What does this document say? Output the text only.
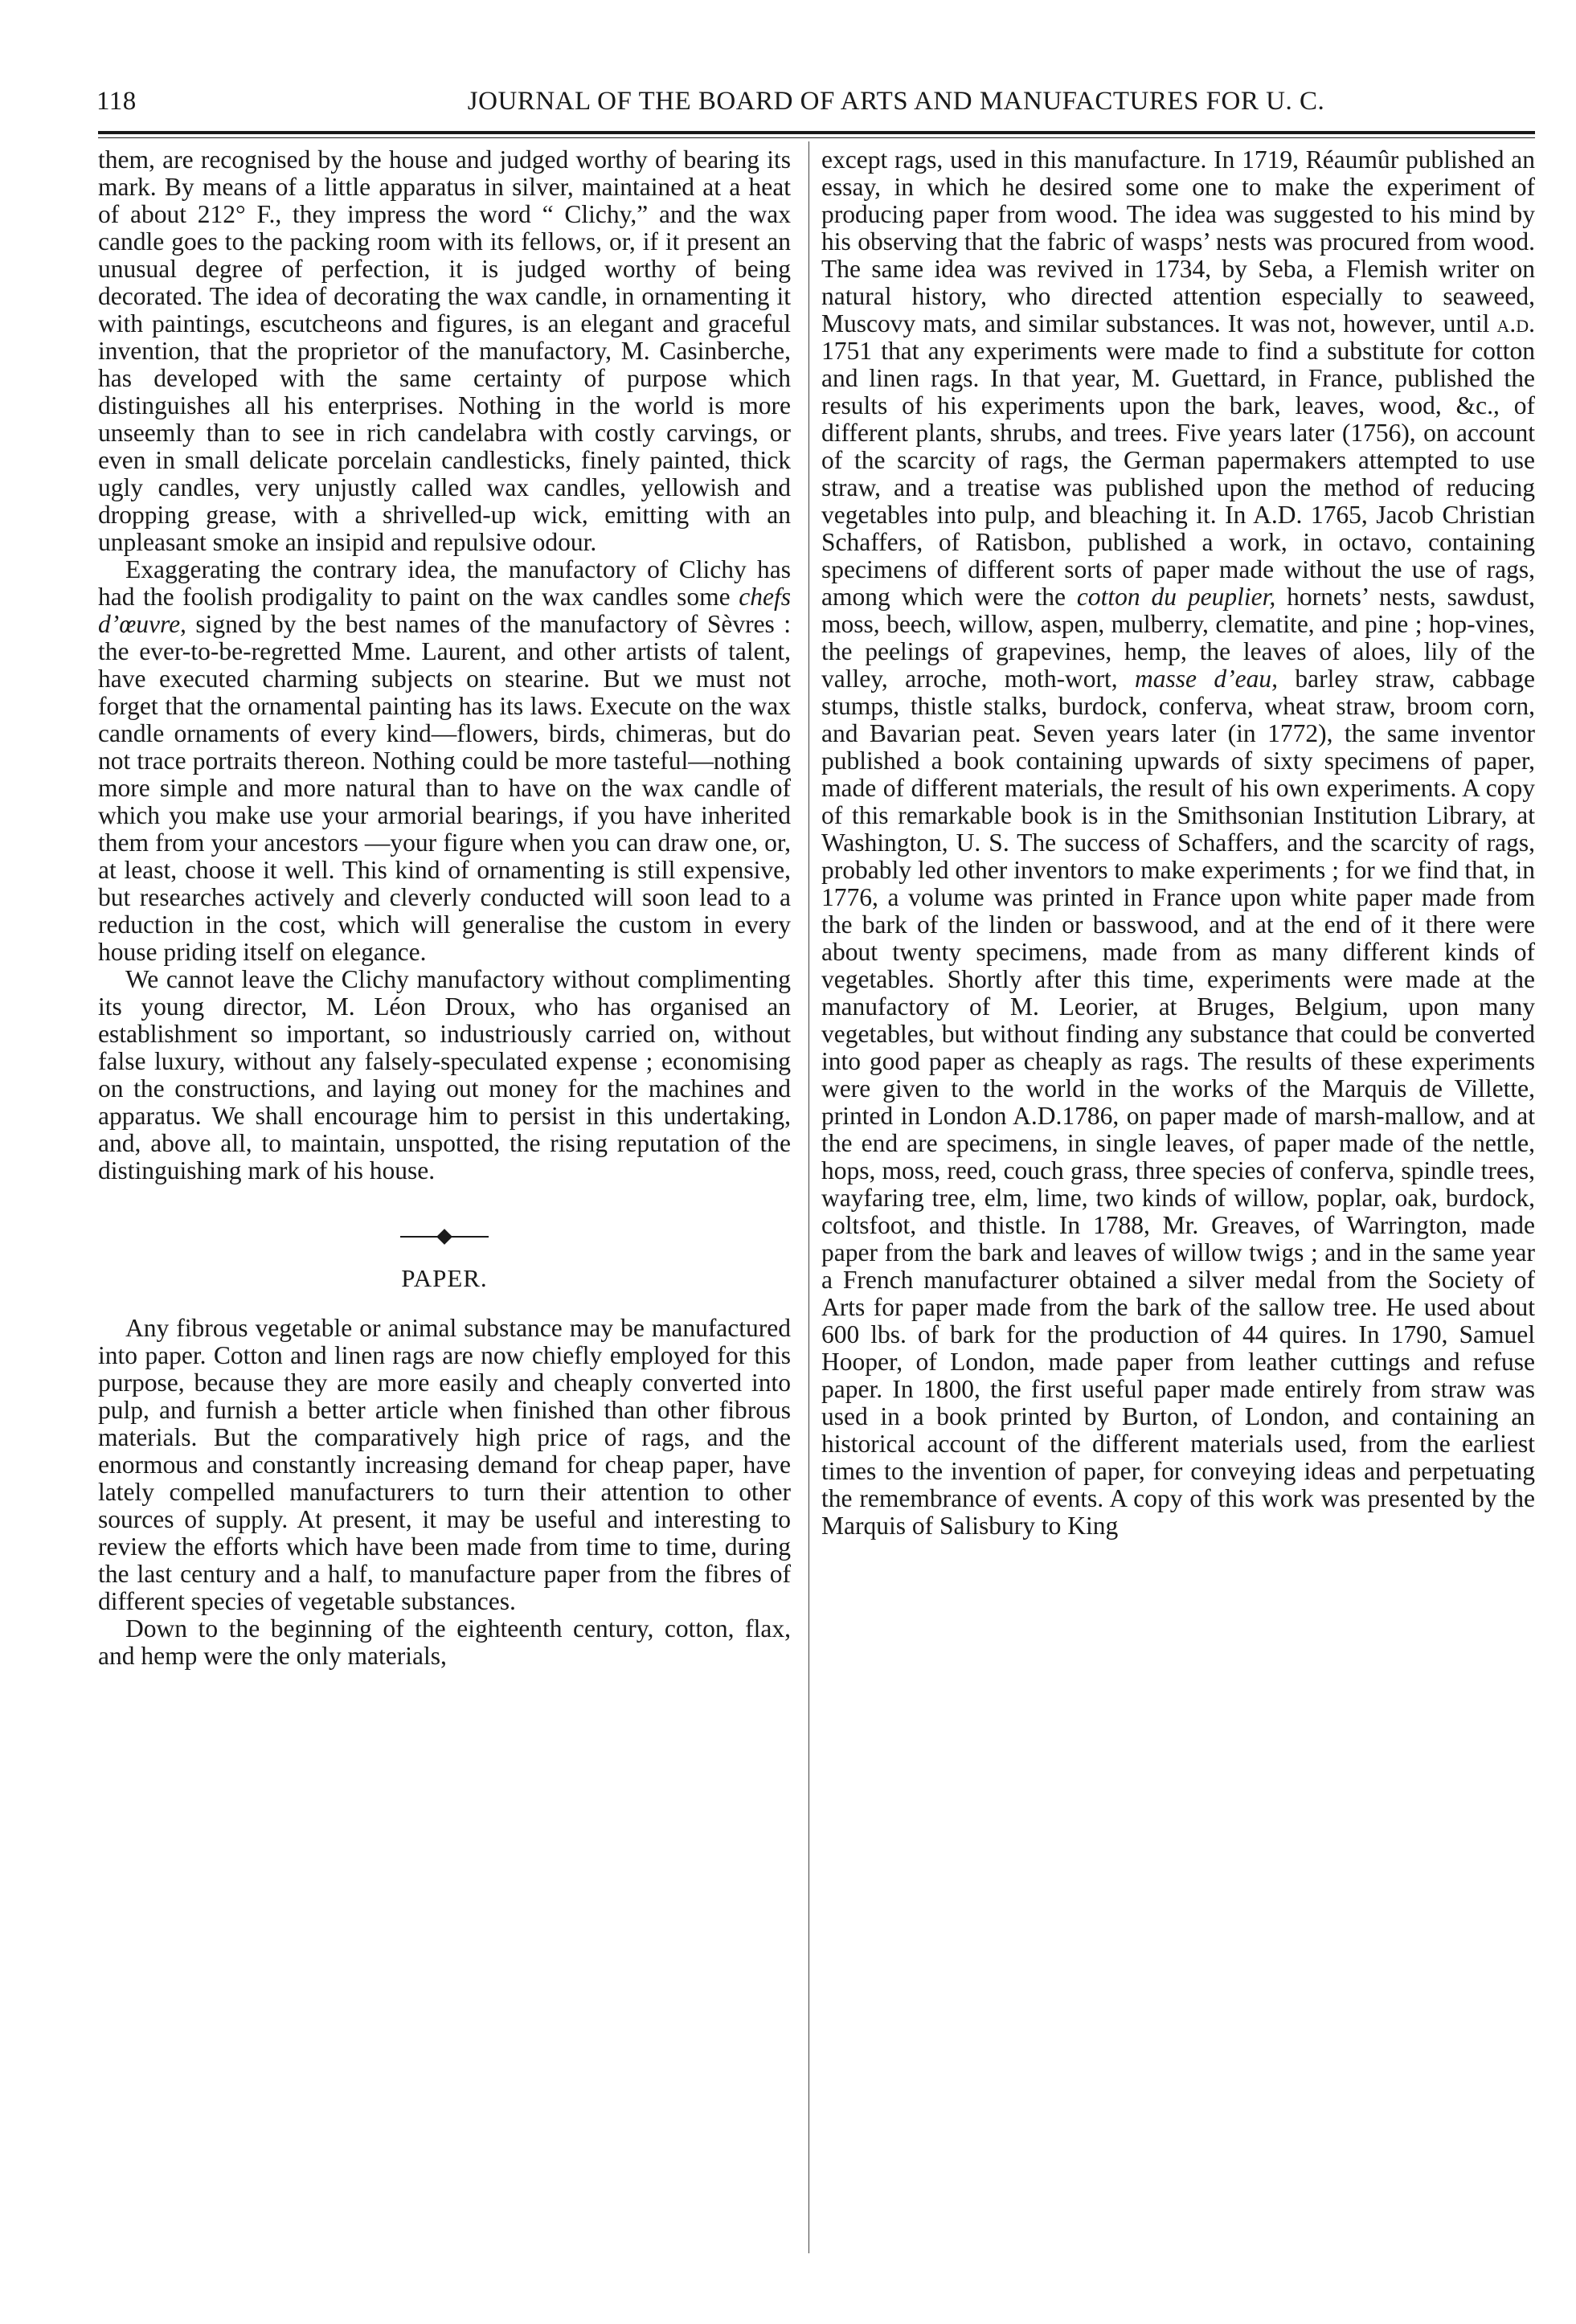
118	JOURNAL OF THE BOARD OF ARTS AND MANUFACTURES FOR U. C.

them, are recognised by the house and judged worthy of bearing its mark. By means of a little apparatus in silver, maintained at a heat of about 212° F., they impress the word “ Clichy,” and the wax candle goes to the packing room with its fellows, or, if it present an unusual degree of perfection, it is judged worthy of being decorated. The idea of decorating the wax candle, in ornamenting it with paintings, escutcheons and figures, is an elegant and graceful invention, that the proprietor of the manufactory, M. Casinberche, has developed with the same certainty of purpose which distinguishes all his enterprises. Nothing in the world is more unseemly than to see in rich candelabra with costly carvings, or even in small delicate porcelain candlesticks, finely painted, thick ugly candles, very unjustly called wax candles, yellowish and dropping grease, with a shrivelled-up wick, emitting with an unpleasant smoke an insipid and repulsive odour.

Exaggerating the contrary idea, the manufactory of Clichy has had the foolish prodigality to paint on the wax candles some chefs d’œuvre, signed by the best names of the manufactory of Sèvres : the ever-to-be-regretted Mme. Laurent, and other artists of talent, have executed charming subjects on stearine. But we must not forget that the ornamental painting has its laws. Execute on the wax candle ornaments of every kind—flowers, birds, chimeras, but do not trace portraits thereon. Nothing could be more tasteful—nothing more simple and more natural than to have on the wax candle of which you make use your armorial bearings, if you have inherited them from your ancestors —your figure when you can draw one, or, at least, choose it well. This kind of ornamenting is still expensive, but researches actively and cleverly conducted will soon lead to a reduction in the cost, which will generalise the custom in every house priding itself on elegance.

We cannot leave the Clichy manufactory without complimenting its young director, M. Léon Droux, who has organised an establishment so important, so industriously carried on, without false luxury, without any falsely-speculated expense ; economising on the constructions, and laying out money for the machines and apparatus. We shall encourage him to persist in this undertaking, and, above all, to maintain, unspotted, the rising reputation of the distinguishing mark of his house.

PAPER.

Any fibrous vegetable or animal substance may be manufactured into paper. Cotton and linen rags are now chiefly employed for this purpose, because they are more easily and cheaply converted into pulp, and furnish a better article when finished than other fibrous materials. But the comparatively high price of rags, and the enormous and constantly increasing demand for cheap paper, have lately compelled manufacturers to turn their attention to other sources of supply. At present, it may be useful and interesting to review the efforts which have been made from time to time, during the last century and a half, to manufacture paper from the fibres of different species of vegetable substances.

Down to the beginning of the eighteenth century, cotton, flax, and hemp were the only materials,

except rags, used in this manufacture. In 1719, Réaumûr published an essay, in which he desired some one to make the experiment of producing paper from wood. The idea was suggested to his mind by his observing that the fabric of wasps’ nests was procured from wood. The same idea was revived in 1734, by Seba, a Flemish writer on natural history, who directed attention especially to seaweed, Muscovy mats, and similar substances. It was not, however, until a.d. 1751 that any experiments were made to find a substitute for cotton and linen rags. In that year, M. Guettard, in France, published the results of his experiments upon the bark, leaves, wood, &c., of different plants, shrubs, and trees. Five years later (1756), on account of the scarcity of rags, the German papermakers attempted to use straw, and a treatise was published upon the method of reducing vegetables into pulp, and bleaching it. In A.D. 1765, Jacob Christian Schaffers, of Ratisbon, published a work, in octavo, containing specimens of different sorts of paper made without the use of rags, among which were the cotton du peuplier, hornets’ nests, sawdust, moss, beech, willow, aspen, mulberry, clematite, and pine ; hop-vines, the peelings of grapevines, hemp, the leaves of aloes, lily of the valley, arroche, moth-wort, masse d’eau, barley straw, cabbage stumps, thistle stalks, burdock, conferva, wheat straw, broom corn, and Bavarian peat. Seven years later (in 1772), the same inventor published a book containing upwards of sixty specimens of paper, made of different materials, the result of his own experiments. A copy of this remarkable book is in the Smithsonian Institution Library, at Washington, U. S. The success of Schaffers, and the scarcity of rags, probably led other inventors to make experiments ; for we find that, in 1776, a volume was printed in France upon white paper made from the bark of the linden or basswood, and at the end of it there were about twenty specimens, made from as many different kinds of vegetables. Shortly after this time, experiments were made at the manufactory of M. Leorier, at Bruges, Belgium, upon many vegetables, but without finding any substance that could be converted into good paper as cheaply as rags. The results of these experiments were given to the world in the works of the Marquis de Villette, printed in London A.D.1786, on paper made of marsh-mallow, and at the end are specimens, in single leaves, of paper made of the nettle, hops, moss, reed, couch grass, three species of conferva, spindle trees, wayfaring tree, elm, lime, two kinds of willow, poplar, oak, burdock, coltsfoot, and thistle. In 1788, Mr. Greaves, of Warrington, made paper from the bark and leaves of willow twigs ; and in the same year a French manufacturer obtained a silver medal from the Society of Arts for paper made from the bark of the sallow tree. He used about 600 lbs. of bark for the production of 44 quires. In 1790, Samuel Hooper, of London, made paper from leather cuttings and refuse paper. In 1800, the first useful paper made entirely from straw was used in a book printed by Burton, of London, and containing an historical account of the different materials used, from the earliest times to the invention of paper, for conveying ideas and perpetuating the remembrance of events. A copy of this work was presented by the Marquis of Salisbury to King
